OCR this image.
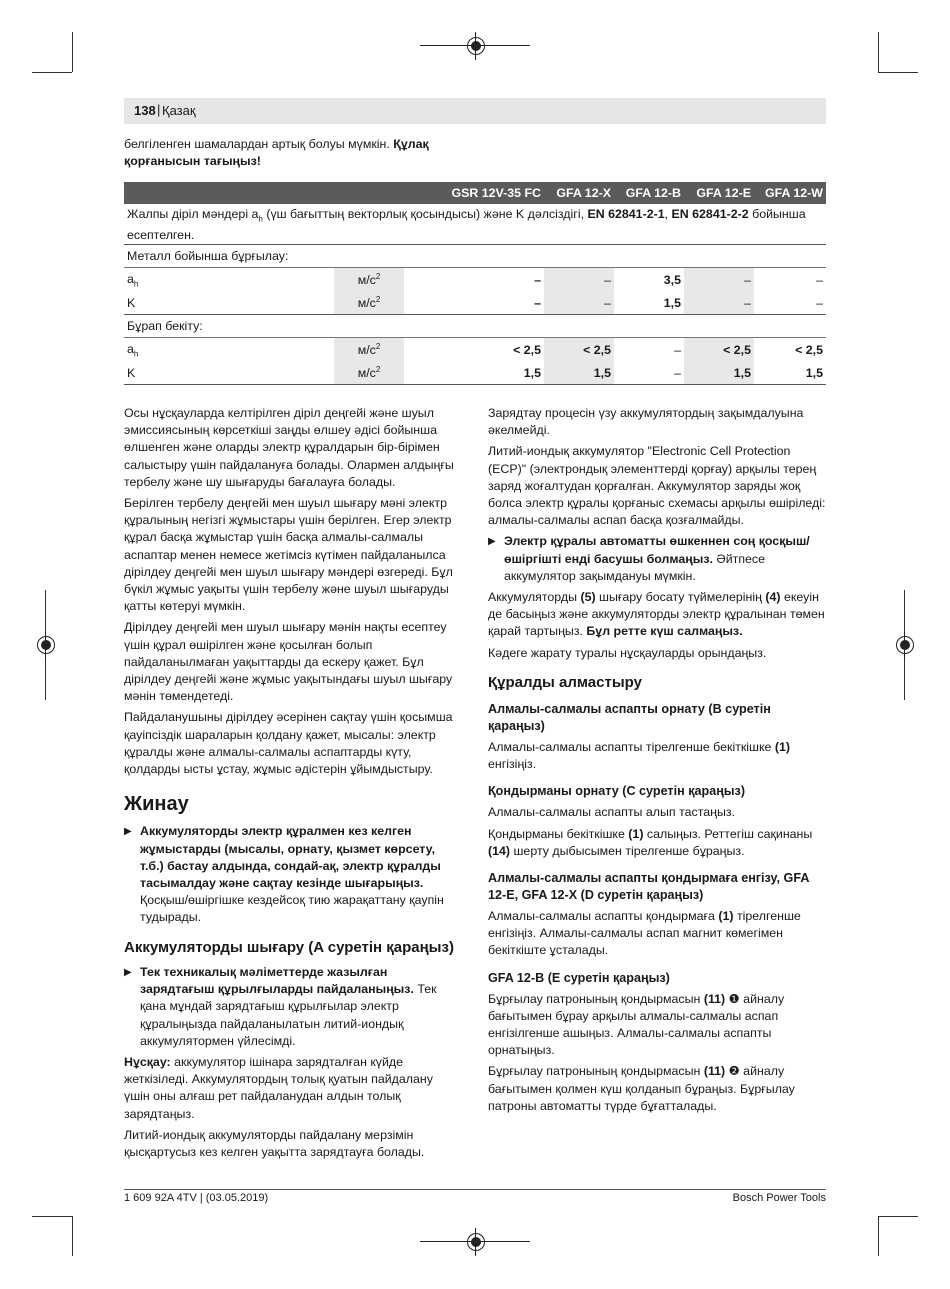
138 | Қазақ
белгіленген шамалардан артық болуы мүмкін. Құлақ қорғанысын тағыңыз!
		GSR 12V-35 FC	GFA 12-X	GFA 12-B	GFA 12-E	GFA 12-W
Жалпы діріл мәндері $a_h$ (үш бағыттың векторлық қосындысы) және K дәлсіздігі, EN 62841-2-1, EN 62841-2-2 бойынша есептелген.						
Металл бойынша бұрғылау:						
$a_h$	$м/с^2$	–	–	3,5	–	–
K	$м/с^2$	–	–	1,5	–	–
Бұрап бекіту:						
$a_h$	$м/с^2$	< 2,5	< 2,5	–	< 2,5	< 2,5
K	$м/с^2$	1,5	1,5	–	1,5	1,5

Осы нұсқауларда келтірілген діріл деңгейі және шуыл эмиссиясының көрсеткіші заңды өлшеу әдісі бойынша өлшенген және оларды электр құралдарын бір-бірімен салыстыру үшін пайдалануға болады. Олармен алдыңғы тербелу және шу шығаруды бағалауға болады.

Берілген тербелу деңгейі мен шуыл шығару мәні электр құралының негізгі жұмыстары үшін берілген. Егер электр құрал басқа жұмыстар үшін басқа алмалы-салмалы аспаптар менен немесе жетімсіз күтімен пайдаланылса дірілдеу деңгейі мен шуыл шығару мәндері өзгереді. Бұл бүкіл жұмыс уақыты үшін тербелу және шуыл шығаруды қатты көтеруі мүмкін.

Дірілдеу деңгейі мен шуыл шығару мәнін нақты есептеу үшін құрал өшірілген және қосылған болып пайдаланылмаған уақыттарды да ескеру қажет. Бұл дірілдеу деңгейі және жұмыс уақытындағы шуыл шығару мәнін төмендетеді.

Пайдаланушыны дірілдеу әсерінен сақтау үшін қосымша қауіпсіздік шараларын қолдану қажет, мысалы: электр құралды және алмалы-салмалы аспаптарды күту, қолдарды ысты ұстау, жұмыс әдістерін ұйымдыстыру.

Жинау
▶ Аккумуляторды электр құралмен кез келген жұмыстарды (мысалы, орнату, қызмет көрсету, т.б.) бастау алдында, сондай-ақ, электр құралды тасымалдау және сақтау кезінде шығарыңыз. Қосқыш/өшіргішке кездейсоқ тию жарақаттану қаупін тудырады.
Аккумуляторды шығару (A суретін қараңыз)
▶ Тек техникалық мәліметтерде жазылған зарядтағыш құрылғыларды пайдаланыңыз. Тек қана мұндай зарядтағыш құрылғылар электр құралыңызда пайдаланылатын литий-иондық аккумулятормен үйлесімді.

Нұсқау: аккумулятор ішінара зарядталған күйде жеткізіледі. Аккумулятордың толық қуатын пайдалану үшін оны алғаш рет пайдаланудан алдын толық зарядтаңыз.

Литий-иондық аккумуляторды пайдалану мерзімін қысқартусыз кез келген уақытта зарядтауға болады.

Зарядтау процесін үзу аккумулятордың зақымдалуына әкелмейді.

Литий-иондық аккумулятор "Electronic Cell Protection (ECP)" (электрондық элементтерді қорғау) арқылы терең заряд жоғалтудан қорғалған. Аккумулятор заряды жоқ болса электр құралы қорғаныс схемасы арқылы өшіріледі: алмалы-салмалы аспап басқа қозғалмайды.

▶ Электр құралы автоматты өшкеннен соң қосқыш/өшіргішті енді басушы болмаңыз. Әйтпесе аккумулятор зақымдануы мүмкін.

Аккумуляторды (5) шығару босату түймелерінің (4) екеуін де басыңыз және аккумуляторды электр құралынан төмен қарай тартыңыз. Бұл ретте күш салмаңыз.

Кәдеге жарату туралы нұсқауларды орындаңыз.

Құралды алмастыру
Алмалы-салмалы аспапты орнату (B суретін қараңыз)

Алмалы-салмалы аспапты тірелгенше бекіткішке (1) енгізіңіз.

Қондырманы орнату (C суретін қараңыз)

Алмалы-салмалы аспапты алып тастаңыз.

Қондырманы бекіткішке (1) салыңыз. Реттегіш сақинаны (14) шерту дыбысымен тірелгенше бұраңыз.

Алмалы-салмалы аспапты қондырмаға енгізу, GFA 12-E, GFA 12-X (D суретін қараңыз)

Алмалы-салмалы аспапты қондырмаға (1) тірелгенше енгізіңіз. Алмалы-салмалы аспап магнит көмегімен бекіткіште ұсталады.

GFA 12-B (E суретін қараңыз)

Бұрғылау патронының қондырмасын (11) ❶ айналу бағытымен бұрау арқылы алмалы-салмалы аспап енгізілгенше ашыңыз. Алмалы-салмалы аспапты орнатыңыз.

Бұрғылау патронының қондырмасын (11) ❷ айналу бағытымен қолмен күш қолданып бұраңыз. Бұрғылау патроны автоматты түрде бұғатталады.

1 609 92A 4TV | (03.05.2019)	Bosch Power Tools
